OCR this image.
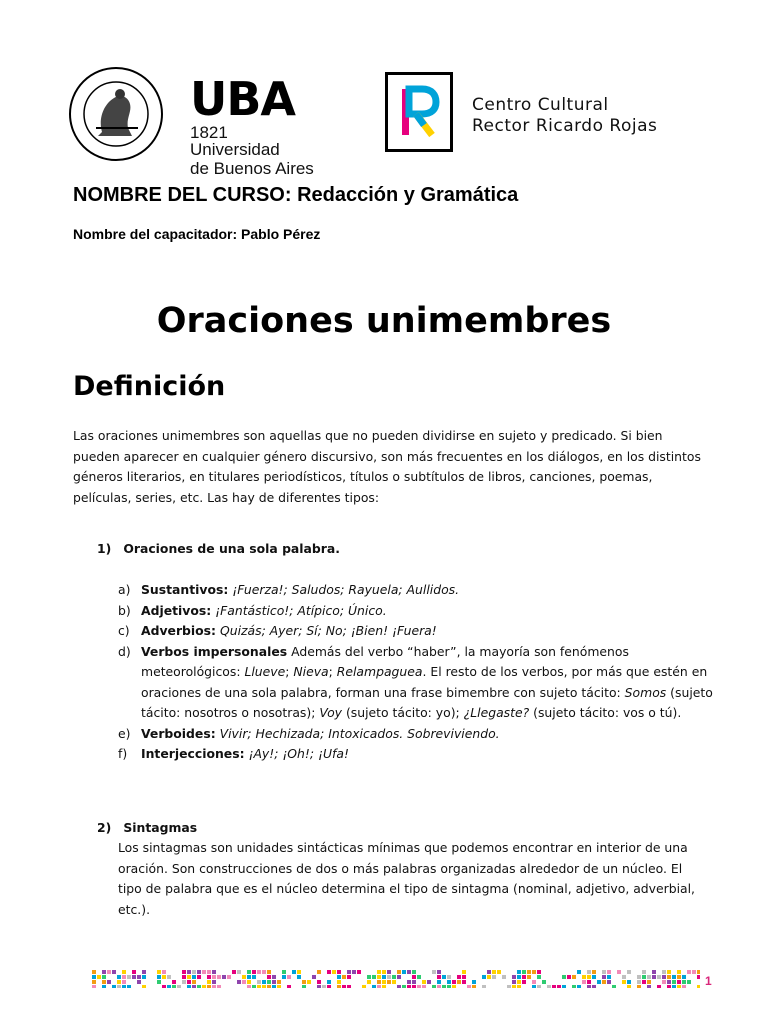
UBA
1821 Universidad
de Buenos Aires
Centro Cultural
Rector Ricardo Rojas
NOMBRE DEL CURSO: Redacción y Gramática
Nombre del capacitador: Pablo Pérez
Oraciones unimembres
Definición
Las oraciones unimembres son aquellas que no pueden dividirse en sujeto y predicado. Si bien pueden aparecer en cualquier género discursivo, son más frecuentes en los diálogos, en los distintos géneros literarios, en titulares periodísticos, títulos o subtítulos de libros, canciones, poemas, películas, series, etc. Las hay de diferentes tipos:
1) Oraciones de una sola palabra.
a) Sustantivos: ¡Fuerza!; Saludos; Rayuela; Aullidos.
b) Adjetivos: ¡Fantástico!; Atípico; Único.
c) Adverbios: Quizás; Ayer; Sí; No; ¡Bien! ¡Fuera!
d) Verbos impersonales Además del verbo “haber”, la mayoría son fenómenos meteorológicos: Llueve; Nieva; Relampaguea. El resto de los verbos, por más que estén en oraciones de una sola palabra, forman una frase bimembre con sujeto tácito: Somos (sujeto tácito: nosotros o nosotras); Voy (sujeto tácito: yo); ¿Llegaste? (sujeto tácito: vos o tú).
e) Verboides: Vivir; Hechizada; Intoxicados. Sobreviviendo.
f) Interjecciones: ¡Ay!; ¡Oh!; ¡Ufa!
2) Sintagmas
Los sintagmas son unidades sintácticas mínimas que podemos encontrar en interior de una oración. Son construcciones de dos o más palabras organizadas alrededor de un núcleo. El tipo de palabra que es el núcleo determina el tipo de sintagma (nominal, adjetivo, adverbial, etc.).
1
